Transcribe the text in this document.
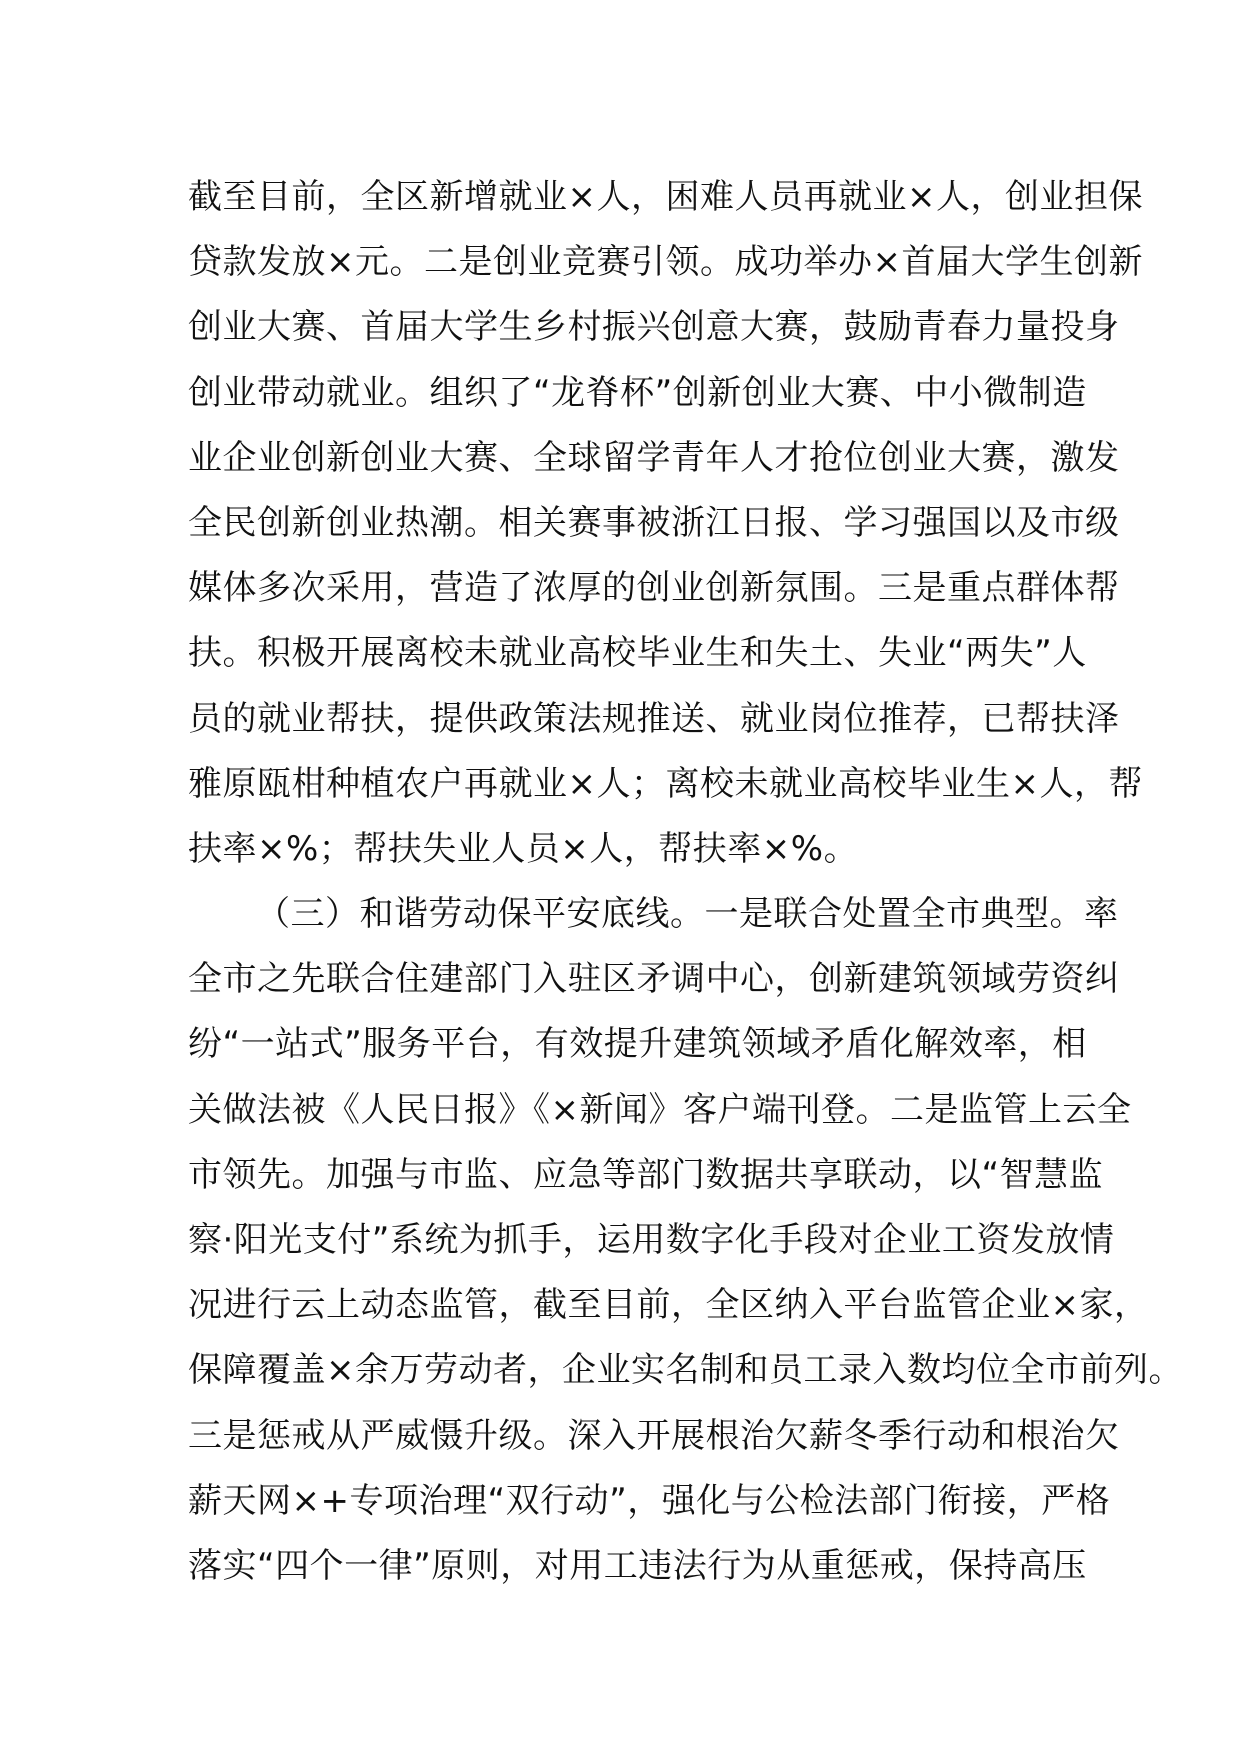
截至目前，全区新增就业×人，困难人员再就业×人，创业担保

贷款发放×元。二是创业竞赛引领。成功举办×首届大学生创新

创业大赛、首届大学生乡村振兴创意大赛，鼓励青春力量投身

创业带动就业。组织了“龙脊杯”创新创业大赛、中小微制造

业企业创新创业大赛、全球留学青年人才抢位创业大赛，激发

全民创新创业热潮。相关赛事被浙江日报、学习强国以及市级

媒体多次采用，营造了浓厚的创业创新氛围。三是重点群体帮

扶。积极开展离校未就业高校毕业生和失土、失业“两失”人

员的就业帮扶，提供政策法规推送、就业岗位推荐，已帮扶泽

雅原瓯柑种植农户再就业×人；离校未就业高校毕业生×人，帮

扶率×%；帮扶失业人员×人，帮扶率×%。

（三）和谐劳动保平安底线。一是联合处置全市典型。率

全市之先联合住建部门入驻区矛调中心，创新建筑领域劳资纠

纷“一站式”服务平台，有效提升建筑领域矛盾化解效率，相

关做法被《人民日报》《×新闻》客户端刊登。二是监管上云全

市领先。加强与市监、应急等部门数据共享联动，以“智慧监

察·阳光支付”系统为抓手，运用数字化手段对企业工资发放情

况进行云上动态监管，截至目前，全区纳入平台监管企业×家，

保障覆盖×余万劳动者，企业实名制和员工录入数均位全市前列。

三是惩戒从严威慑升级。深入开展根治欠薪冬季行动和根治欠

薪天网×+专项治理“双行动”，强化与公检法部门衔接，严格

落实“四个一律”原则，对用工违法行为从重惩戒，保持高压
